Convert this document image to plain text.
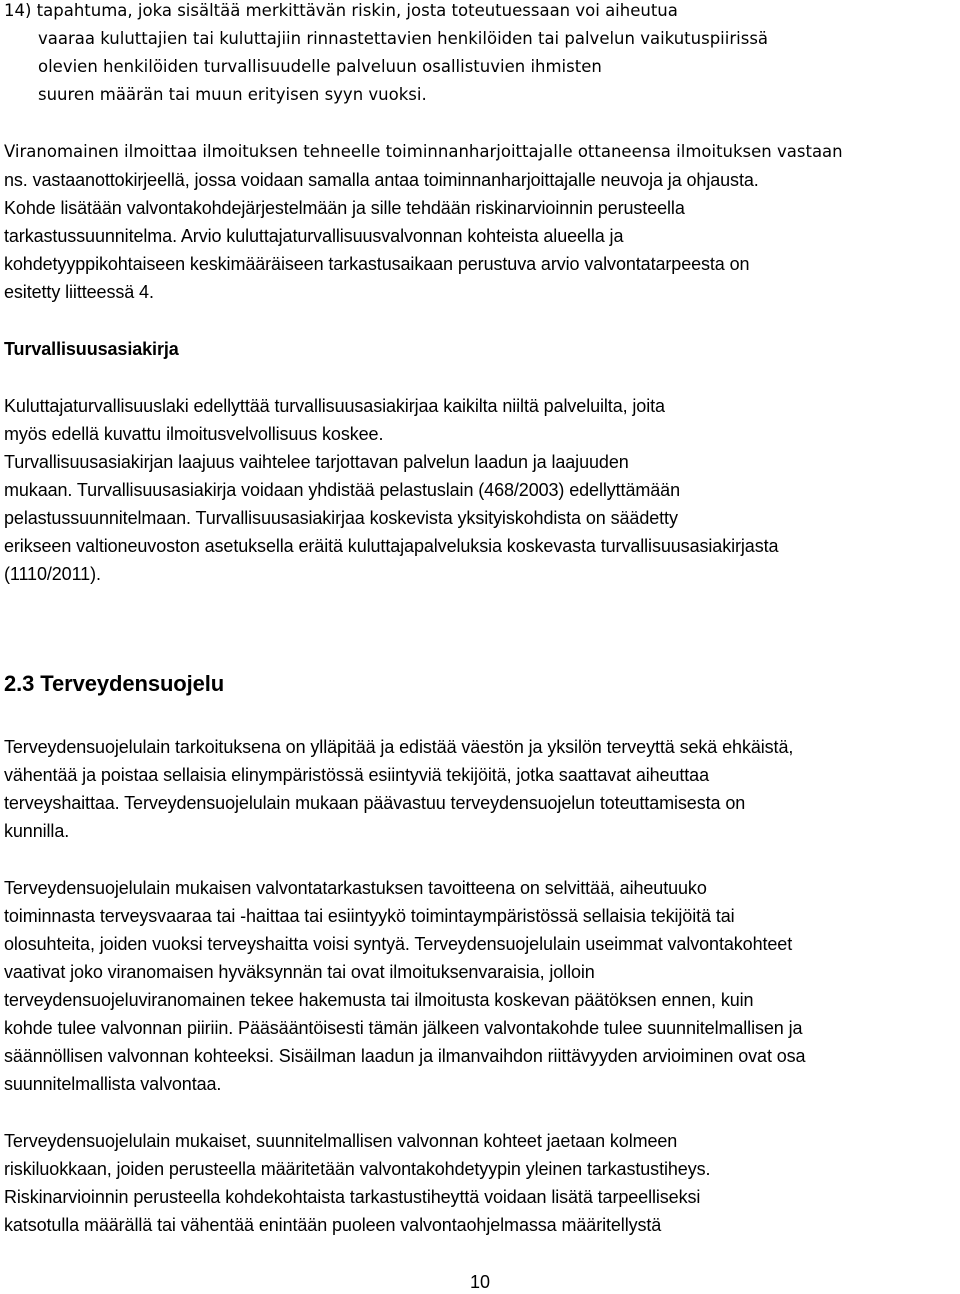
14) tapahtuma, joka sisältää merkittävän riskin, josta toteutuessaan voi aiheutua
vaaraa kuluttajien tai kuluttajiin rinnastettavien henkilöiden tai palvelun vaikutuspiirissä
olevien henkilöiden turvallisuudelle palveluun osallistuvien ihmisten
suuren määrän tai muun erityisen syyn vuoksi.
Viranomainen ilmoittaa ilmoituksen tehneelle toiminnanharjoittajalle ottaneensa ilmoituksen vastaan
ns. vastaanottokirjeellä, jossa voidaan samalla antaa toiminnanharjoittajalle neuvoja ja ohjausta.
Kohde lisätään valvontakohdejärjestelmään ja sille tehdään riskinarvioinnin perusteella
tarkastussuunnitelma. Arvio kuluttajaturvallisuusvalvonnan kohteista alueella ja
kohdetyyppikohtaiseen keskimääräiseen tarkastusaikaan perustuva arvio valvontatarpeesta on
esitetty liitteessä 4.
Turvallisuusasiakirja
Kuluttajaturvallisuuslaki edellyttää turvallisuusasiakirjaa kaikilta niiltä palveluilta, joita
myös edellä kuvattu ilmoitusvelvollisuus koskee.
Turvallisuusasiakirjan laajuus vaihtelee tarjottavan palvelun laadun ja laajuuden
mukaan. Turvallisuusasiakirja voidaan yhdistää pelastuslain (468/2003) edellyttämään
pelastussuunnitelmaan. Turvallisuusasiakirjaa koskevista yksityiskohdista on säädetty
erikseen valtioneuvoston asetuksella eräitä kuluttajapalveluksia koskevasta turvallisuusasiakirjasta
(1110/2011).
2.3 Terveydensuojelu
Terveydensuojelulain tarkoituksena on ylläpitää ja edistää väestön ja yksilön terveyttä sekä ehkäistä,
vähentää ja poistaa sellaisia elinympäristössä esiintyviä tekijöitä, jotka saattavat aiheuttaa
terveyshaittaa. Terveydensuojelulain mukaan päävastuu terveydensuojelun toteuttamisesta on
kunnilla.
Terveydensuojelulain mukaisen valvontatarkastuksen tavoitteena on selvittää, aiheutuuko
toiminnasta terveysvaaraa tai -haittaa tai esiintyykö toimintaympäristössä sellaisia tekijöitä tai
olosuhteita, joiden vuoksi terveyshaitta voisi syntyä. Terveydensuojelulain useimmat valvontakohteet
vaativat joko viranomaisen hyväksynnän tai ovat ilmoituksenvaraisia, jolloin
terveydensuojeluviranomainen tekee hakemusta tai ilmoitusta koskevan päätöksen ennen, kuin
kohde tulee valvonnan piiriin. Pääsääntöisesti tämän jälkeen valvontakohde tulee suunnitelmallisen ja
säännöllisen valvonnan kohteeksi. Sisäilman laadun ja ilmanvaihdon riittävyyden arvioiminen ovat osa
suunnitelmallista valvontaa.
Terveydensuojelulain mukaiset, suunnitelmallisen valvonnan kohteet jaetaan kolmeen
riskiluokkaan, joiden perusteella määritetään valvontakohdetyypin yleinen tarkastustiheys.
Riskinarvioinnin perusteella kohdekohtaista tarkastustiheyttä voidaan lisätä tarpeelliseksi
katsotulla määrällä tai vähentää enintään puoleen valvontaohjelmassa määritellystä
10
